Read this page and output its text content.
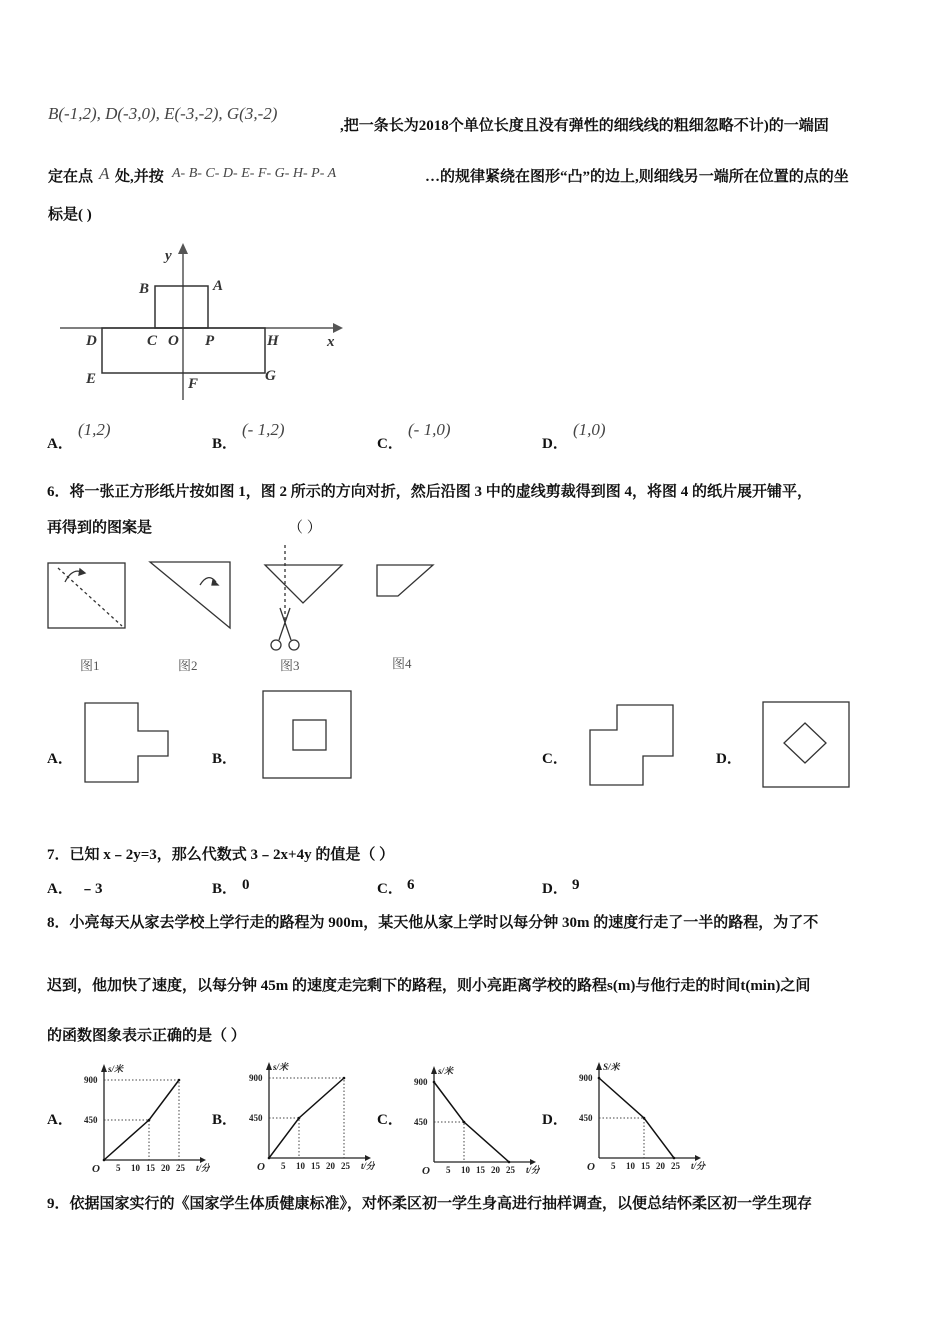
B(-1,2), D(-3,0), E(-3,-2), G(3,-2)
,把一条长为2018个单位长度且没有弹性的细线线的粗细忽略不计)的一端固
定在点 A 处,并按 A- B- C- D- E- F- G- H- P- A	…的规律紧绕在图形“凸”的边上,则细线另一端所在位置的点的坐
标是( )
y
x
A
B
C O P
D	H
E	F	G
A．
(1,2)
B．
(- 1,2)
C．
(- 1,0)
D．
(1,0)
6．将一张正方形纸片按如图 1，图 2 所示的方向对折，然后沿图 3 中的虚线剪裁得到图 4，将图 4 的纸片展开铺平，
再得到的图案是	（ ）
图1	图2	图3	图4
A．	B．	C．	D．
7．已知 x﹣2y=3，那么代数式 3﹣2x+4y 的值是（ ）
A． ﹣3	B． 0	C． 6	D． 9
8．小亮每天从家去学校上学行走的路程为 900m，某天他从家上学时以每分钟 30m 的速度行走了一半的路程，为了不
迟到，他加快了速度，以每分钟 45m 的速度走完剩下的路程，则小亮距离学校的路程s(m)与他行走的时间t(min)之间
的函数图象表示正确的是（ ）
A．	B．	C．	D．
5 10 15 20 25
450
900
t/分
s/米
O	5 10 15 20 25
450
900
t/分
s/米
O	5 10 15 20 25
450
900
t/分
s/米
O	5 10 15 20 25
450
900
t/分
S/米
O
9．依据国家实行的《国家学生体质健康标准》，对怀柔区初一学生身高进行抽样调查，以便总结怀柔区初一学生现存
